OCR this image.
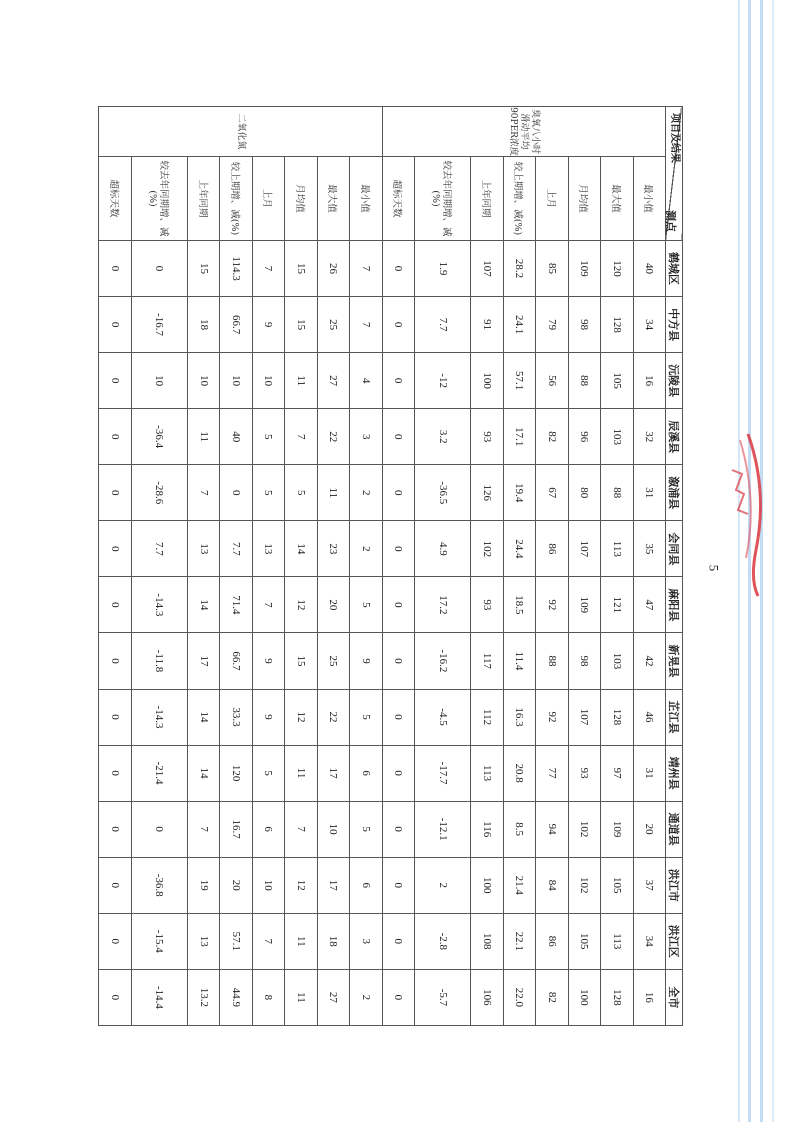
5
测点
项目及结果		鹤城区	中方县	沅陵县	辰溪县	溆浦县	会同县	麻阳县	新晃县	芷江县	靖州县	通道县	洪江市	洪江区	全市
臭氧八小时滑动平均90PER浓度	最小值	40	34	16	32	31	35	47	42	46	31	20	37	34	16
	最大值	120	128	105	103	88	113	121	103	128	97	109	105	113	128
	月均值	109	98	88	96	80	107	109	98	107	93	102	102	105	100
	上月	85	79	56	82	67	86	92	88	92	77	94	84	86	82
	较上期增、减(%)	28.2	24.1	57.1	17.1	19.4	24.4	18.5	11.4	16.3	20.8	8.5	21.4	22.1	22.0
	上年同期	107	91	100	93	126	102	93	117	112	113	116	100	108	106
	较去年同期增、减(%)	1.9	7.7	-12	3.2	-36.5	4.9	17.2	-16.2	-4.5	-17.7	-12.1	2	-2.8	-5.7
	超标天数	0	0	0	0	0	0	0	0	0	0	0	0	0	0
二氧化氮	最小值	7	7	4	3	2	2	5	9	5	6	5	6	3	2
	最大值	26	25	27	22	11	23	20	25	22	17	10	17	18	27
	月均值	15	15	11	7	5	14	12	15	12	11	7	12	11	11
	上月	7	9	10	5	5	13	7	9	9	5	6	10	7	8
	较上期增、减(%)	114.3	66.7	10	40	0	7.7	71.4	66.7	33.3	120	16.7	20	57.1	44.9
	上年同期	15	18	10	11	7	13	14	17	14	14	7	19	13	13.2
	较去年同期增、减(%)	0	-16.7	10	-36.4	-28.6	7.7	-14.3	-11.8	-14.3	-21.4	0	-36.8	-15.4	-14.4
	超标天数	0	0	0	0	0	0	0	0	0	0	0	0	0	0
